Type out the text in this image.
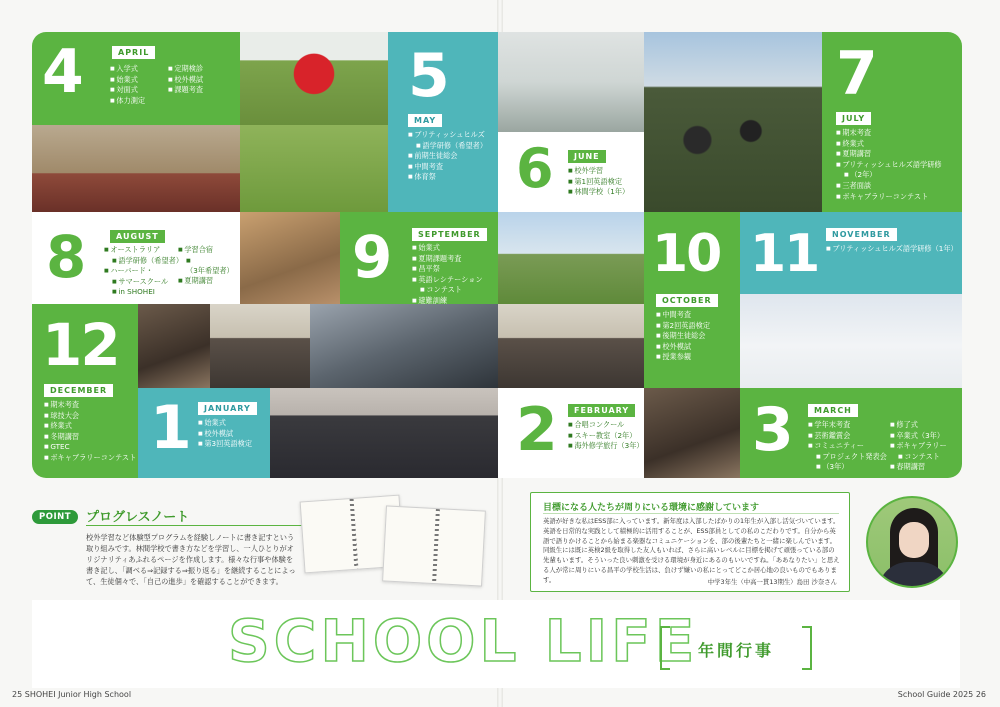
4	APRIL
■ 入学式
■ 始業式
■ 対面式
■ 体力測定
■ 定期検診
■ 校外模試
■ 課題考査	5
MAY
■ ブリティッシュヒルズ
■ 語学研修（希望者）
■ 前期生徒総会
■ 中間考査
■ 体育祭
7
JULY
■ 期末考査
■ 終業式
■ 夏期講習
■ ブリティッシュヒルズ語学研修
■ （2年）
■ 三者面談
■ ボキャブラリーコンテスト
6	JUNE
■ 校外学習
■ 第1回英語検定
■ 林間学校（1年）
8	AUGUST
■ オーストラリア
■ 語学研修（希望者）
■ ハーバード・
■ サマースクール
■ in SHOHEI
■ 学習合宿
■ （3年希望者）
■ 夏期講習	9	SEPTEMBER
■ 始業式
■ 夏期課題考査
■ 昌平祭
■ 英語レシテーション
■ コンテスト
■ 避難訓練
10
OCTOBER
■ 中間考査
■ 第2回英語検定
■ 後期生徒総会
■ 校外模試
■ 授業参観
11	NOVEMBER
■ ブリティッシュヒルズ語学研修（1年）
12
DECEMBER
■ 期末考査
■ 球技大会
■ 終業式
■ 冬期講習
■ GTEC
■ ボキャブラリーコンテスト 1	JANUARY
■ 始業式
■ 校外模試
■ 第3回英語検定	2	FEBRUARY
■ 合唱コンクール
■ スキー教室（2年）
■ 海外修学旅行（3年） 3	MARCH
■ 学年末考査
■ 芸術鑑賞会
■ コミュニティー
■ プロジェクト発表会
■ （3年）
■ 修了式
■ 卒業式（3年）
■ ボキャブラリー
■ コンテスト
■ 春期講習
POINT	プログレスノート
校外学習など体験型プログラムを経験しノートに書き記すという取り組みです。林間学校で書き方などを学習し、一人ひとりがオリジナリティあふれるページを作成します。様々な行事や体験を書き記し、「調べる⇒記録する⇒振り返る」を継続することによって、生徒個々で、「自己の進歩」を確認することができます。
目標になる人たちが周りにいる環境に感謝しています
英語が好きな私はESS部に入っています。新年度は入部したばかりの1年生が入部し活気づいています。英語を日常的な実践として積極的に活用することが、ESS部員としての私のこだわりです。自分から英語で語りかけることから始まる楽器なコミュニケーションを、部の後輩たちと一緒に楽しんでいます。同級生には既に英検2級を取得した友人もいれば、さらに高いレベルに目標を掲げて頑張っている部の先輩もいます。そういった良い刺激を受ける環境が身近にあるのもいいですね。「ああなりたい」と思える人が常に周りにいる昌平の学校生活は、負けず嫌いの私にとってどこか居心地の良いものでもあります。	中学3年生（中高一貫13期生）島田 沙奈さん
SCHOOL LIFE 年間行事
25 SHOHEI Junior High School	School Guide 2025 26
